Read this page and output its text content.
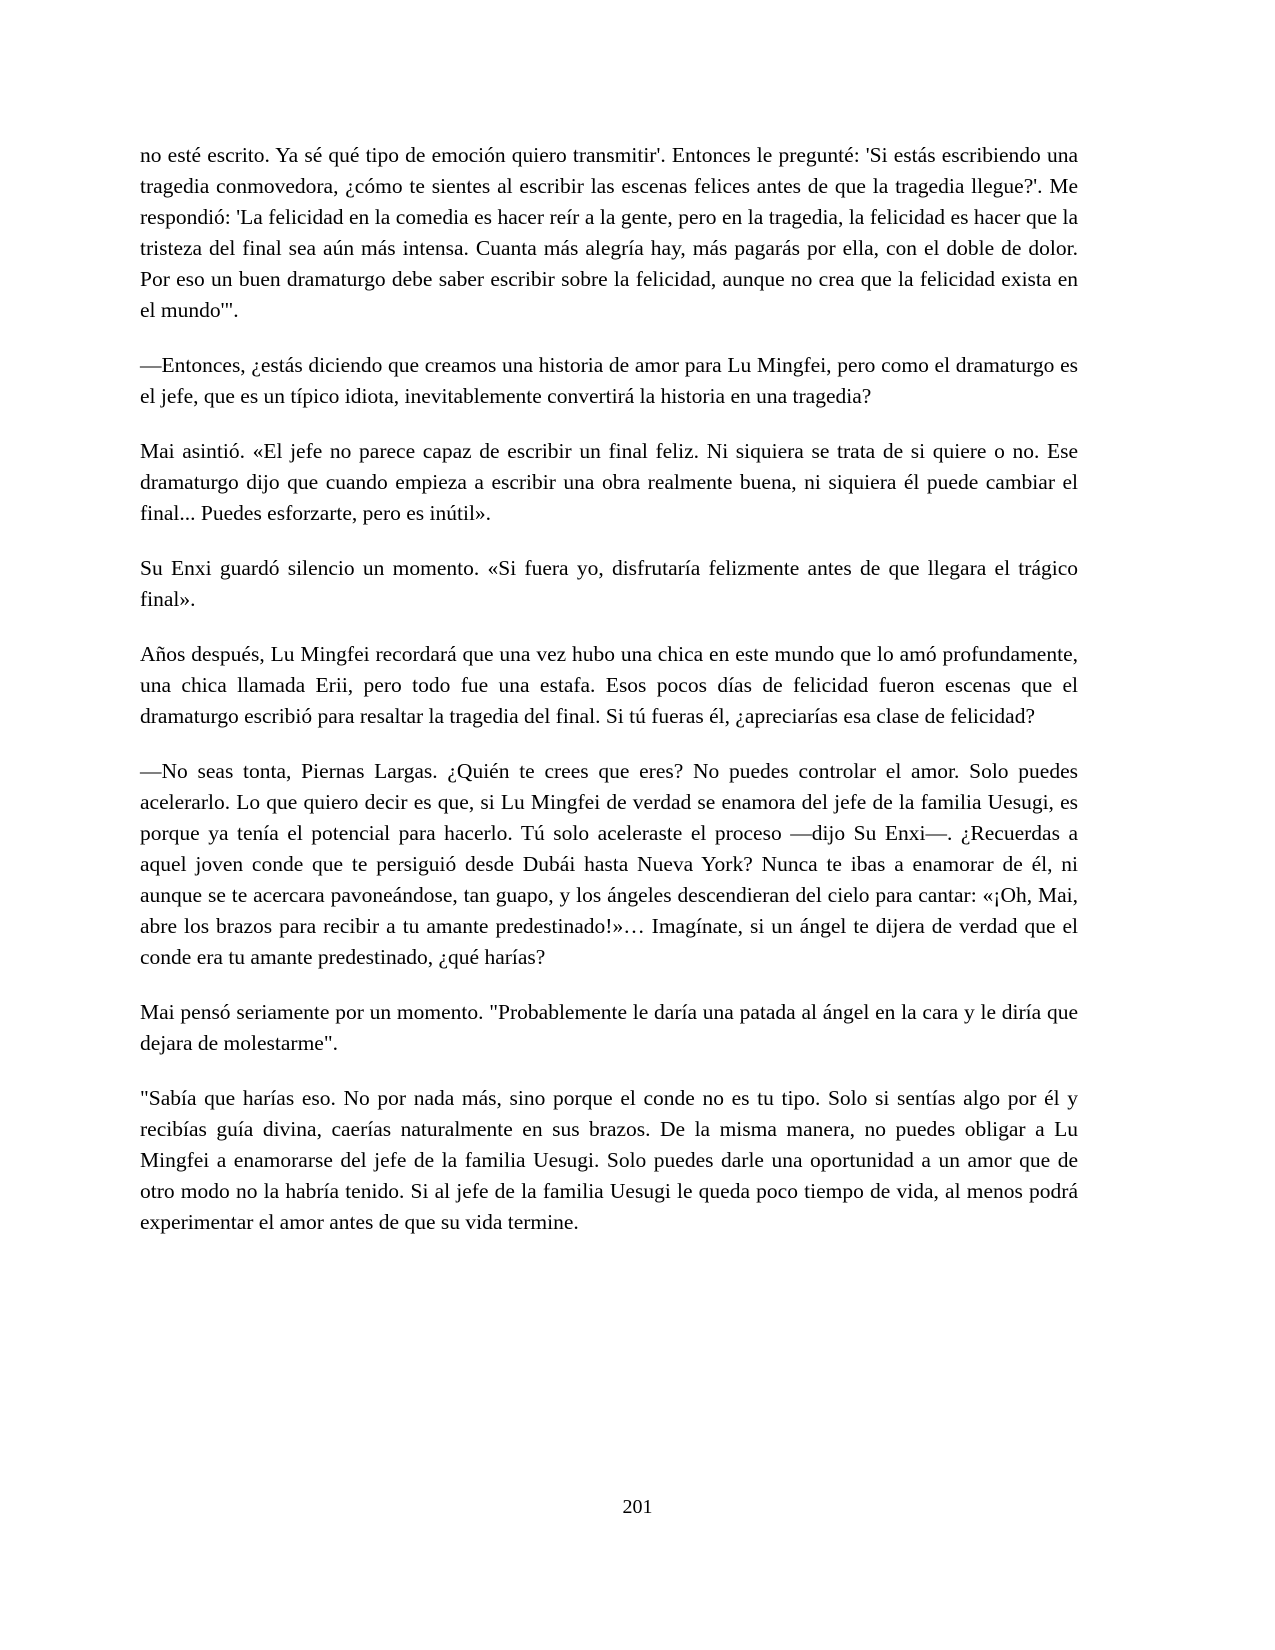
no esté escrito. Ya sé qué tipo de emoción quiero transmitir'. Entonces le pregunté: 'Si estás escribiendo una tragedia conmovedora, ¿cómo te sientes al escribir las escenas felices antes de que la tragedia llegue?'. Me respondió: 'La felicidad en la comedia es hacer reír a la gente, pero en la tragedia, la felicidad es hacer que la tristeza del final sea aún más intensa. Cuanta más alegría hay, más pagarás por ella, con el doble de dolor. Por eso un buen dramaturgo debe saber escribir sobre la felicidad, aunque no crea que la felicidad exista en el mundo'".

—Entonces, ¿estás diciendo que creamos una historia de amor para Lu Mingfei, pero como el dramaturgo es el jefe, que es un típico idiota, inevitablemente convertirá la historia en una tragedia?

Mai asintió. «El jefe no parece capaz de escribir un final feliz. Ni siquiera se trata de si quiere o no. Ese dramaturgo dijo que cuando empieza a escribir una obra realmente buena, ni siquiera él puede cambiar el final... Puedes esforzarte, pero es inútil».

Su Enxi guardó silencio un momento. «Si fuera yo, disfrutaría felizmente antes de que llegara el trágico final».

Años después, Lu Mingfei recordará que una vez hubo una chica en este mundo que lo amó profundamente, una chica llamada Erii, pero todo fue una estafa. Esos pocos días de felicidad fueron escenas que el dramaturgo escribió para resaltar la tragedia del final. Si tú fueras él, ¿apreciarías esa clase de felicidad?

—No seas tonta, Piernas Largas. ¿Quién te crees que eres? No puedes controlar el amor. Solo puedes acelerarlo. Lo que quiero decir es que, si Lu Mingfei de verdad se enamora del jefe de la familia Uesugi, es porque ya tenía el potencial para hacerlo. Tú solo aceleraste el proceso —dijo Su Enxi—. ¿Recuerdas a aquel joven conde que te persiguió desde Dubái hasta Nueva York? Nunca te ibas a enamorar de él, ni aunque se te acercara pavoneándose, tan guapo, y los ángeles descendieran del cielo para cantar: «¡Oh, Mai, abre los brazos para recibir a tu amante predestinado!»… Imagínate, si un ángel te dijera de verdad que el conde era tu amante predestinado, ¿qué harías?

Mai pensó seriamente por un momento. "Probablemente le daría una patada al ángel en la cara y le diría que dejara de molestarme".

"Sabía que harías eso. No por nada más, sino porque el conde no es tu tipo. Solo si sentías algo por él y recibías guía divina, caerías naturalmente en sus brazos. De la misma manera, no puedes obligar a Lu Mingfei a enamorarse del jefe de la familia Uesugi. Solo puedes darle una oportunidad a un amor que de otro modo no la habría tenido. Si al jefe de la familia Uesugi le queda poco tiempo de vida, al menos podrá experimentar el amor antes de que su vida termine.

201
